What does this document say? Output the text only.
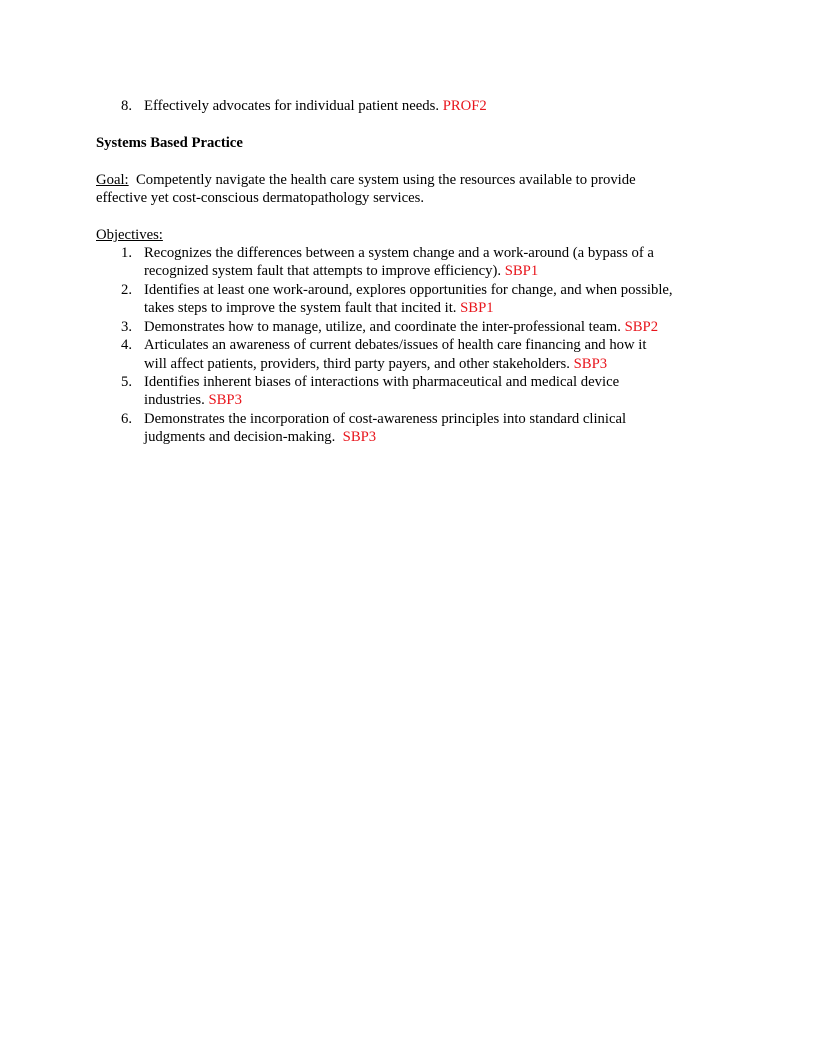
8. Effectively advocates for individual patient needs. PROF2
Systems Based Practice
Goal: Competently navigate the health care system using the resources available to provide
effective yet cost-conscious dermatopathology services.
Objectives:
1. Recognizes the differences between a system change and a work-around (a bypass of a
recognized system fault that attempts to improve efficiency). SBP1
2. Identifies at least one work-around, explores opportunities for change, and when possible,
takes steps to improve the system fault that incited it. SBP1
3. Demonstrates how to manage, utilize, and coordinate the inter-professional team. SBP2
4. Articulates an awareness of current debates/issues of health care financing and how it
will affect patients, providers, third party payers, and other stakeholders. SBP3
5. Identifies inherent biases of interactions with pharmaceutical and medical device
industries. SBP3
6. Demonstrates the incorporation of cost-awareness principles into standard clinical
judgments and decision-making. SBP3
